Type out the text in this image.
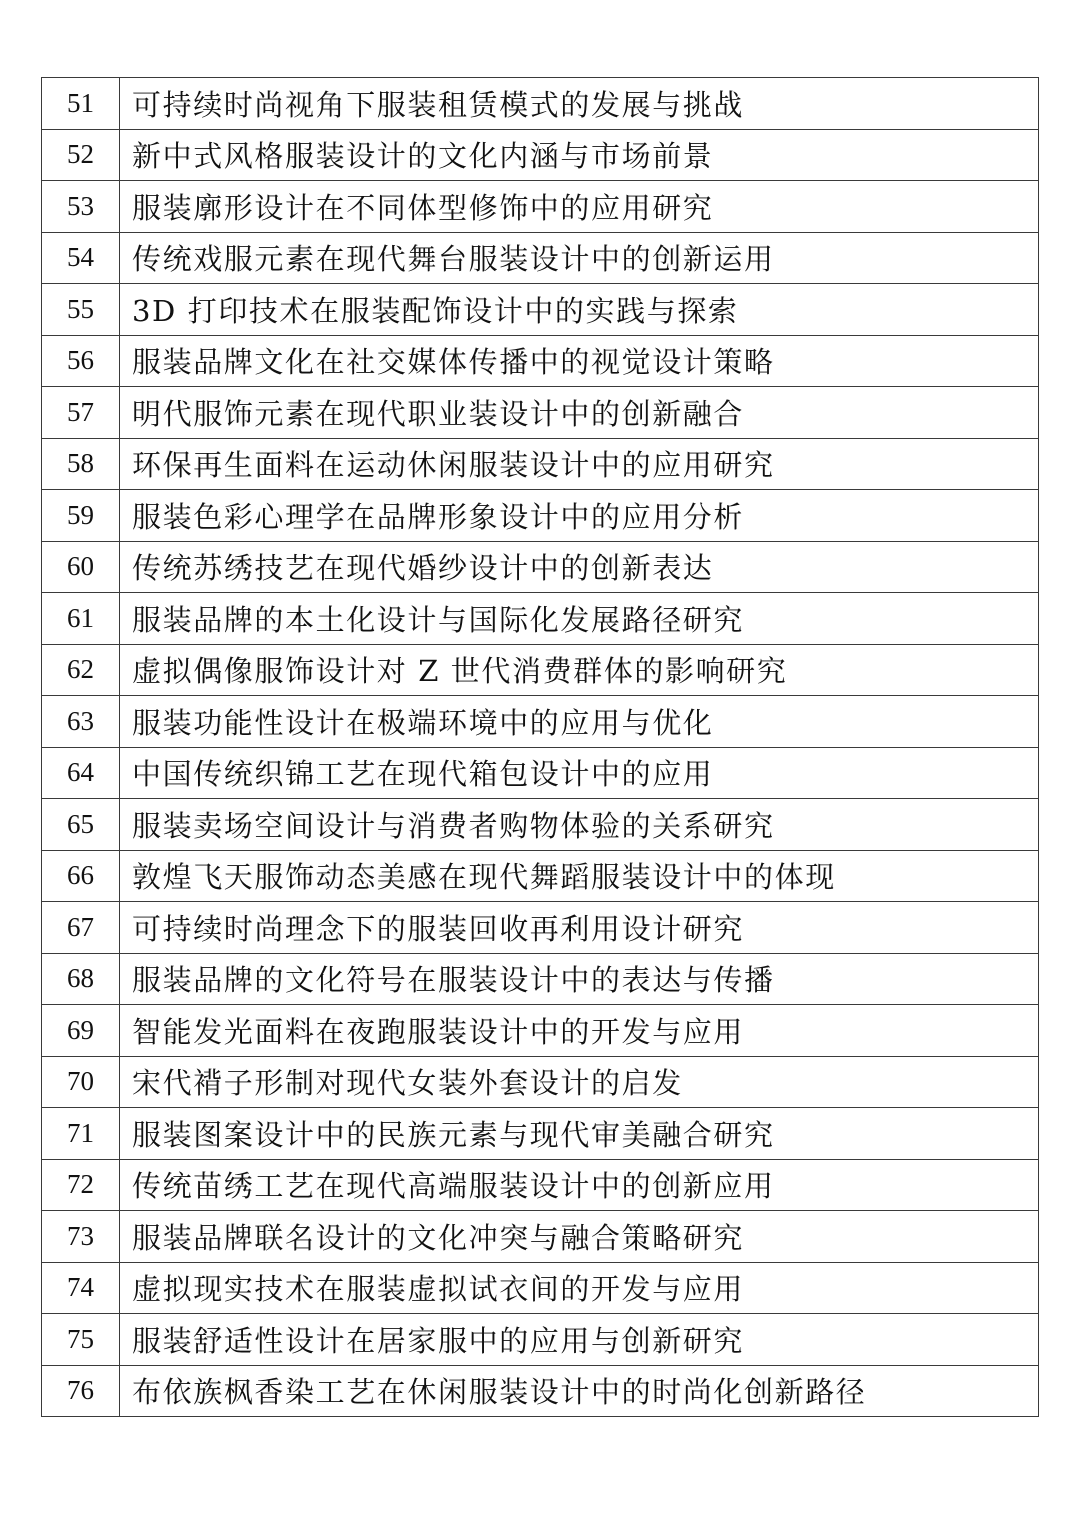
51	可持续时尚视角下服装租赁模式的发展与挑战
52	新中式风格服装设计的文化内涵与市场前景
53	服装廓形设计在不同体型修饰中的应用研究
54	传统戏服元素在现代舞台服装设计中的创新运用
55	3D 打印技术在服装配饰设计中的实践与探索
56	服装品牌文化在社交媒体传播中的视觉设计策略
57	明代服饰元素在现代职业装设计中的创新融合
58	环保再生面料在运动休闲服装设计中的应用研究
59	服装色彩心理学在品牌形象设计中的应用分析
60	传统苏绣技艺在现代婚纱设计中的创新表达
61	服装品牌的本土化设计与国际化发展路径研究
62	虚拟偶像服饰设计对 Z 世代消费群体的影响研究
63	服装功能性设计在极端环境中的应用与优化
64	中国传统织锦工艺在现代箱包设计中的应用
65	服装卖场空间设计与消费者购物体验的关系研究
66	敦煌飞天服饰动态美感在现代舞蹈服装设计中的体现
67	可持续时尚理念下的服装回收再利用设计研究
68	服装品牌的文化符号在服装设计中的表达与传播
69	智能发光面料在夜跑服装设计中的开发与应用
70	宋代褙子形制对现代女装外套设计的启发
71	服装图案设计中的民族元素与现代审美融合研究
72	传统苗绣工艺在现代高端服装设计中的创新应用
73	服装品牌联名设计的文化冲突与融合策略研究
74	虚拟现实技术在服装虚拟试衣间的开发与应用
75	服装舒适性设计在居家服中的应用与创新研究
76	布依族枫香染工艺在休闲服装设计中的时尚化创新路径
